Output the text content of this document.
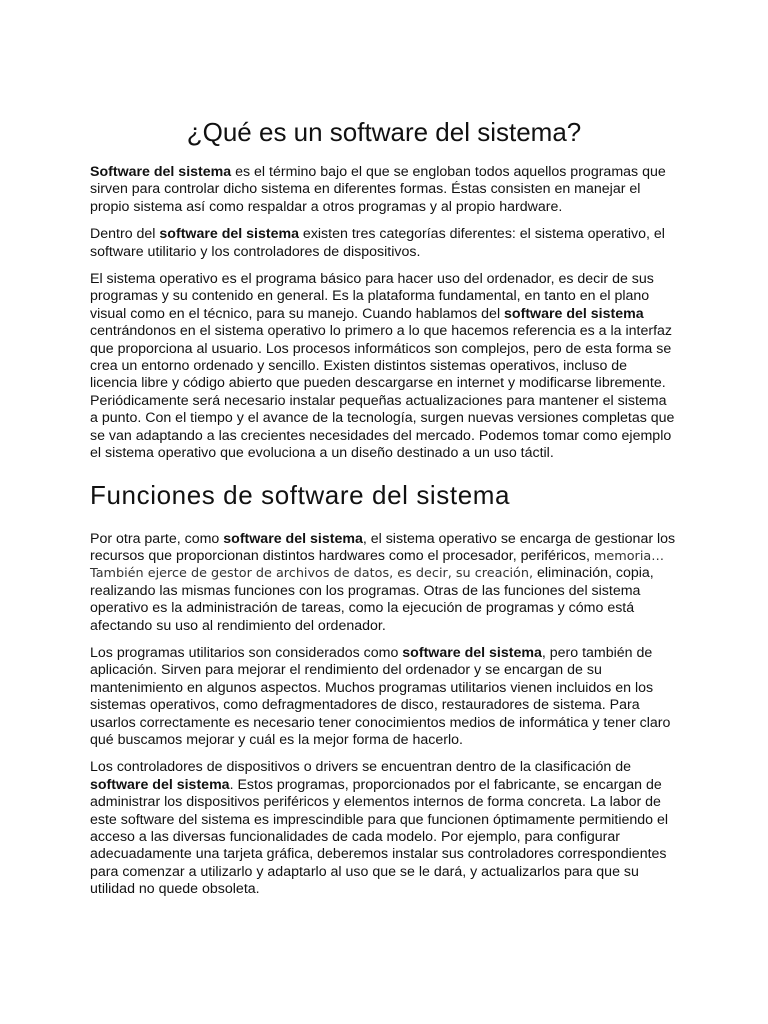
¿Qué es un software del sistema?

Software del sistema es el término bajo el que se engloban todos aquellos programas que sirven para controlar dicho sistema en diferentes formas. Éstas consisten en manejar el propio sistema así como respaldar a otros programas y al propio hardware.

Dentro del software del sistema existen tres categorías diferentes: el sistema operativo, el software utilitario y los controladores de dispositivos.

El sistema operativo es el programa básico para hacer uso del ordenador, es decir de sus programas y su contenido en general. Es la plataforma fundamental, en tanto en el plano visual como en el técnico, para su manejo. Cuando hablamos del software del sistema centrándonos en el sistema operativo lo primero a lo que hacemos referencia es a la interfaz que proporciona al usuario. Los procesos informáticos son complejos, pero de esta forma se crea un entorno ordenado y sencillo. Existen distintos sistemas operativos, incluso de licencia libre y código abierto que pueden descargarse en internet y modificarse libremente. Periódicamente será necesario instalar pequeñas actualizaciones para mantener el sistema a punto. Con el tiempo y el avance de la tecnología, surgen nuevas versiones completas que se van adaptando a las crecientes necesidades del mercado. Podemos tomar como ejemplo el sistema operativo que evoluciona a un diseño destinado a un uso táctil.

Funciones de software del sistema

Por otra parte, como software del sistema, el sistema operativo se encarga de gestionar los recursos que proporcionan distintos hardwares como el procesador, periféricos, memoria… También ejerce de gestor de archivos de datos, es decir, su creación, eliminación, copia, realizando las mismas funciones con los programas. Otras de las funciones del sistema operativo es la administración de tareas, como la ejecución de programas y cómo está afectando su uso al rendimiento del ordenador.

Los programas utilitarios son considerados como software del sistema, pero también de aplicación. Sirven para mejorar el rendimiento del ordenador y se encargan de su mantenimiento en algunos aspectos. Muchos programas utilitarios vienen incluidos en los sistemas operativos, como defragmentadores de disco, restauradores de sistema. Para usarlos correctamente es necesario tener conocimientos medios de informática y tener claro qué buscamos mejorar y cuál es la mejor forma de hacerlo.

Los controladores de dispositivos o drivers se encuentran dentro de la clasificación de software del sistema. Estos programas, proporcionados por el fabricante, se encargan de administrar los dispositivos periféricos y elementos internos de forma concreta. La labor de este software del sistema es imprescindible para que funcionen óptimamente permitiendo el acceso a las diversas funcionalidades de cada modelo. Por ejemplo, para configurar adecuadamente una tarjeta gráfica, deberemos instalar sus controladores correspondientes para comenzar a utilizarlo y adaptarlo al uso que se le dará, y actualizarlos para que su utilidad no quede obsoleta.
